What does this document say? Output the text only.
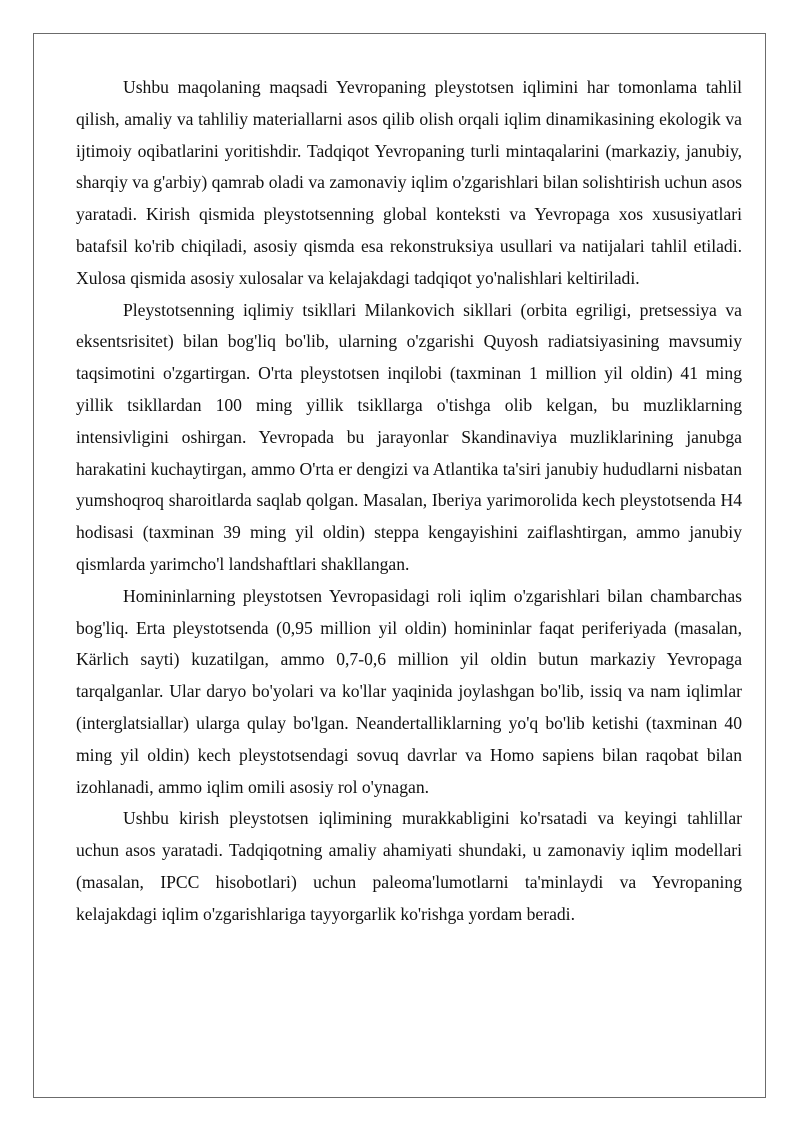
Ushbu maqolaning maqsadi Yevropaning pleystotsen iqlimini har tomonlama tahlil qilish, amaliy va tahliliy materiallarni asos qilib olish orqali iqlim dinamikasining ekologik va ijtimoiy oqibatlarini yoritishdir. Tadqiqot Yevropaning turli mintaqalarini (markaziy, janubiy, sharqiy va g'arbiy) qamrab oladi va zamonaviy iqlim o'zgarishlari bilan solishtirish uchun asos yaratadi. Kirish qismida pleystotsenning global konteksti va Yevropaga xos xususiyatlari batafsil ko'rib chiqiladi, asosiy qismda esa rekonstruksiya usullari va natijalari tahlil etiladi. Xulosa qismida asosiy xulosalar va kelajakdagi tadqiqot yo'nalishlari keltiriladi.

Pleystotsenning iqlimiy tsikllari Milankovich sikllari (orbita egriligi, pretsessiya va eksentsrisitet) bilan bog'liq bo'lib, ularning o'zgarishi Quyosh radiatsiyasining mavsumiy taqsimotini o'zgartirgan. O'rta pleystotsen inqilobi (taxminan 1 million yil oldin) 41 ming yillik tsikllardan 100 ming yillik tsikllarga o'tishga olib kelgan, bu muzliklarning intensivligini oshirgan. Yevropada bu jarayonlar Skandinaviya muzliklarining janubga harakatini kuchaytirgan, ammo O'rta er dengizi va Atlantika ta'siri janubiy hududlarni nisbatan yumshoqroq sharoitlarda saqlab qolgan. Masalan, Iberiya yarimorolida kech pleystotsenda H4 hodisasi (taxminan 39 ming yil oldin) steppa kengayishini zaiflashtirgan, ammo janubiy qismlarda yarimcho'l landshaftlari shakllangan.

Homininlarning pleystotsen Yevropasidagi roli iqlim o'zgarishlari bilan chambarchas bog'liq. Erta pleystotsenda (0,95 million yil oldin) homininlar faqat periferiyada (masalan, Kärlich sayti) kuzatilgan, ammo 0,7-0,6 million yil oldin butun markaziy Yevropaga tarqalganlar. Ular daryo bo'yolari va ko'llar yaqinida joylashgan bo'lib, issiq va nam iqlimlar (interglatsiallar) ularga qulay bo'lgan. Neandertalliklarning yo'q bo'lib ketishi (taxminan 40 ming yil oldin) kech pleystotsendagi sovuq davrlar va Homo sapiens bilan raqobat bilan izohlanadi, ammo iqlim omili asosiy rol o'ynagan.

Ushbu kirish pleystotsen iqlimining murakkabligini ko'rsatadi va keyingi tahlillar uchun asos yaratadi. Tadqiqotning amaliy ahamiyati shundaki, u zamonaviy iqlim modellari (masalan, IPCC hisobotlari) uchun paleoma'lumotlarni ta'minlaydi va Yevropaning kelajakdagi iqlim o'zgarishlariga tayyorgarlik ko'rishga yordam beradi.
